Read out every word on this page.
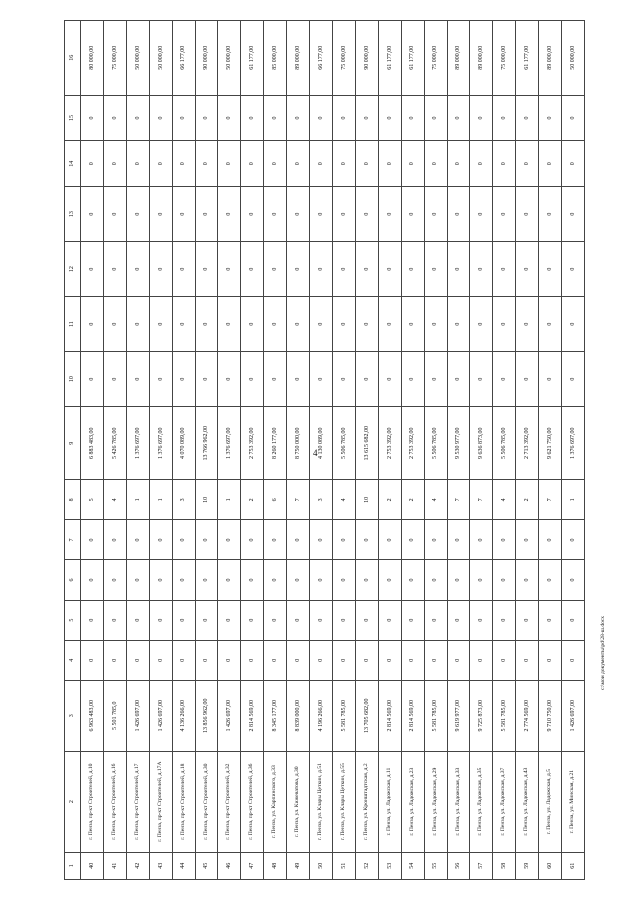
4
1	2	3	4	5	6	7	8	9	10	11	12	13	14	15	16
40	г. Пенза, пр-кт Строителей, д.10	6 963 483,00	0	0	0	0	5	6 883 483,00	0	0	0	0	0	0	80 000,00
41	г. Пенза, пр-кт Строителей, д.16	5 501 785,0	0	0	0	0	4	5 426 785,00	0	0	0	0	0	0	75 000,00
42	г. Пенза, пр-кт Строителей, д.17	1 426 697,00	0	0	0	0	1	1 376 697,00	0	0	0	0	0	0	50 000,00
43	г. Пенза, пр-кт Строителей, д.17А	1 426 697,00	0	0	0	0	1	1 376 697,00	0	0	0	0	0	0	50 000,00
44	г. Пенза, пр-кт Строителей, д.18	4 136 266,00	0	0	0	0	3	4 070 089,00	0	0	0	0	0	0	66 177,00
45	г. Пенза, пр-кт Строителей, д.30	13 856 962,00	0	0	0	0	10	13 766 962,00	0	0	0	0	0	0	90 000,00
46	г. Пенза, пр-кт Строителей, д.32	1 426 697,00	0	0	0	0	1	1 376 697,00	0	0	0	0	0	0	50 000,00
47	г. Пенза, пр-кт Строителей, д.36	2 814 569,00	0	0	0	0	2	2 753 392,00	0	0	0	0	0	0	61 177,00
48	г. Пенза, ул. Карпинского, д.33	8 345 177,00	0	0	0	0	6	8 260 177,00	0	0	0	0	0	0	85 000,00
49	г. Пенза, ул. Кижеватова, д.30	8 839 000,00	0	0	0	0	7	8 750 000,00	0	0	0	0	0	0	89 000,00
50	г. Пенза, ул. Клары Цеткин, д.51	4 196 266,00	0	0	0	0	3	4 130 089,00	0	0	0	0	0	0	66 177,00
51	г. Пенза, ул. Клары Цеткин, д.55	5 581 785,00	0	0	0	0	4	5 506 785,00	0	0	0	0	0	0	75 000,00
52	г. Пенза, ул. Кронштадтская, д.2	13 705 682,00	0	0	0	0	10	13 615 682,00	0	0	0	0	0	0	90 000,00
53	г. Пенза, ул. Ладожская, д.11	2 814 569,00	0	0	0	0	2	2 753 392,00	0	0	0	0	0	0	61 177,00
54	г. Пенза, ул. Ладожская, д.23	2 814 569,00	0	0	0	0	2	2 753 392,00	0	0	0	0	0	0	61 177,00
55	г. Пенза, ул. Ладожская, д.29	5 581 785,00	0	0	0	0	4	5 506 785,00	0	0	0	0	0	0	75 000,00
56	г. Пенза, ул. Ладожская, д.33	9 619 977,00	0	0	0	0	7	9 530 977,00	0	0	0	0	0	0	89 000,00
57	г. Пенза, ул. Ладожская, д.35	9 725 873,00	0	0	0	0	7	9 636 873,00	0	0	0	0	0	0	89 000,00
58	г. Пенза, ул. Ладожская, д.37	5 581 785,00	0	0	0	0	4	5 506 785,00	0	0	0	0	0	0	75 000,00
59	г. Пенза, ул. Ладожская, д.43	2 774 569,00	0	0	0	0	2	2 713 392,00	0	0	0	0	0	0	61 177,00
60	г. Пенза, ул. Ладожская, д.5	9 710 750,00	0	0	0	0	7	9 621 750,00	0	0	0	0	0	0	89 000,00
61	г. Пенза, ул. Минская, д.21	1 426 697,00	0	0	0	0	1	1 376 697,00	0	0	0	0	0	0	50 000,00
c:\мои документы\pd\28-ш.docx
